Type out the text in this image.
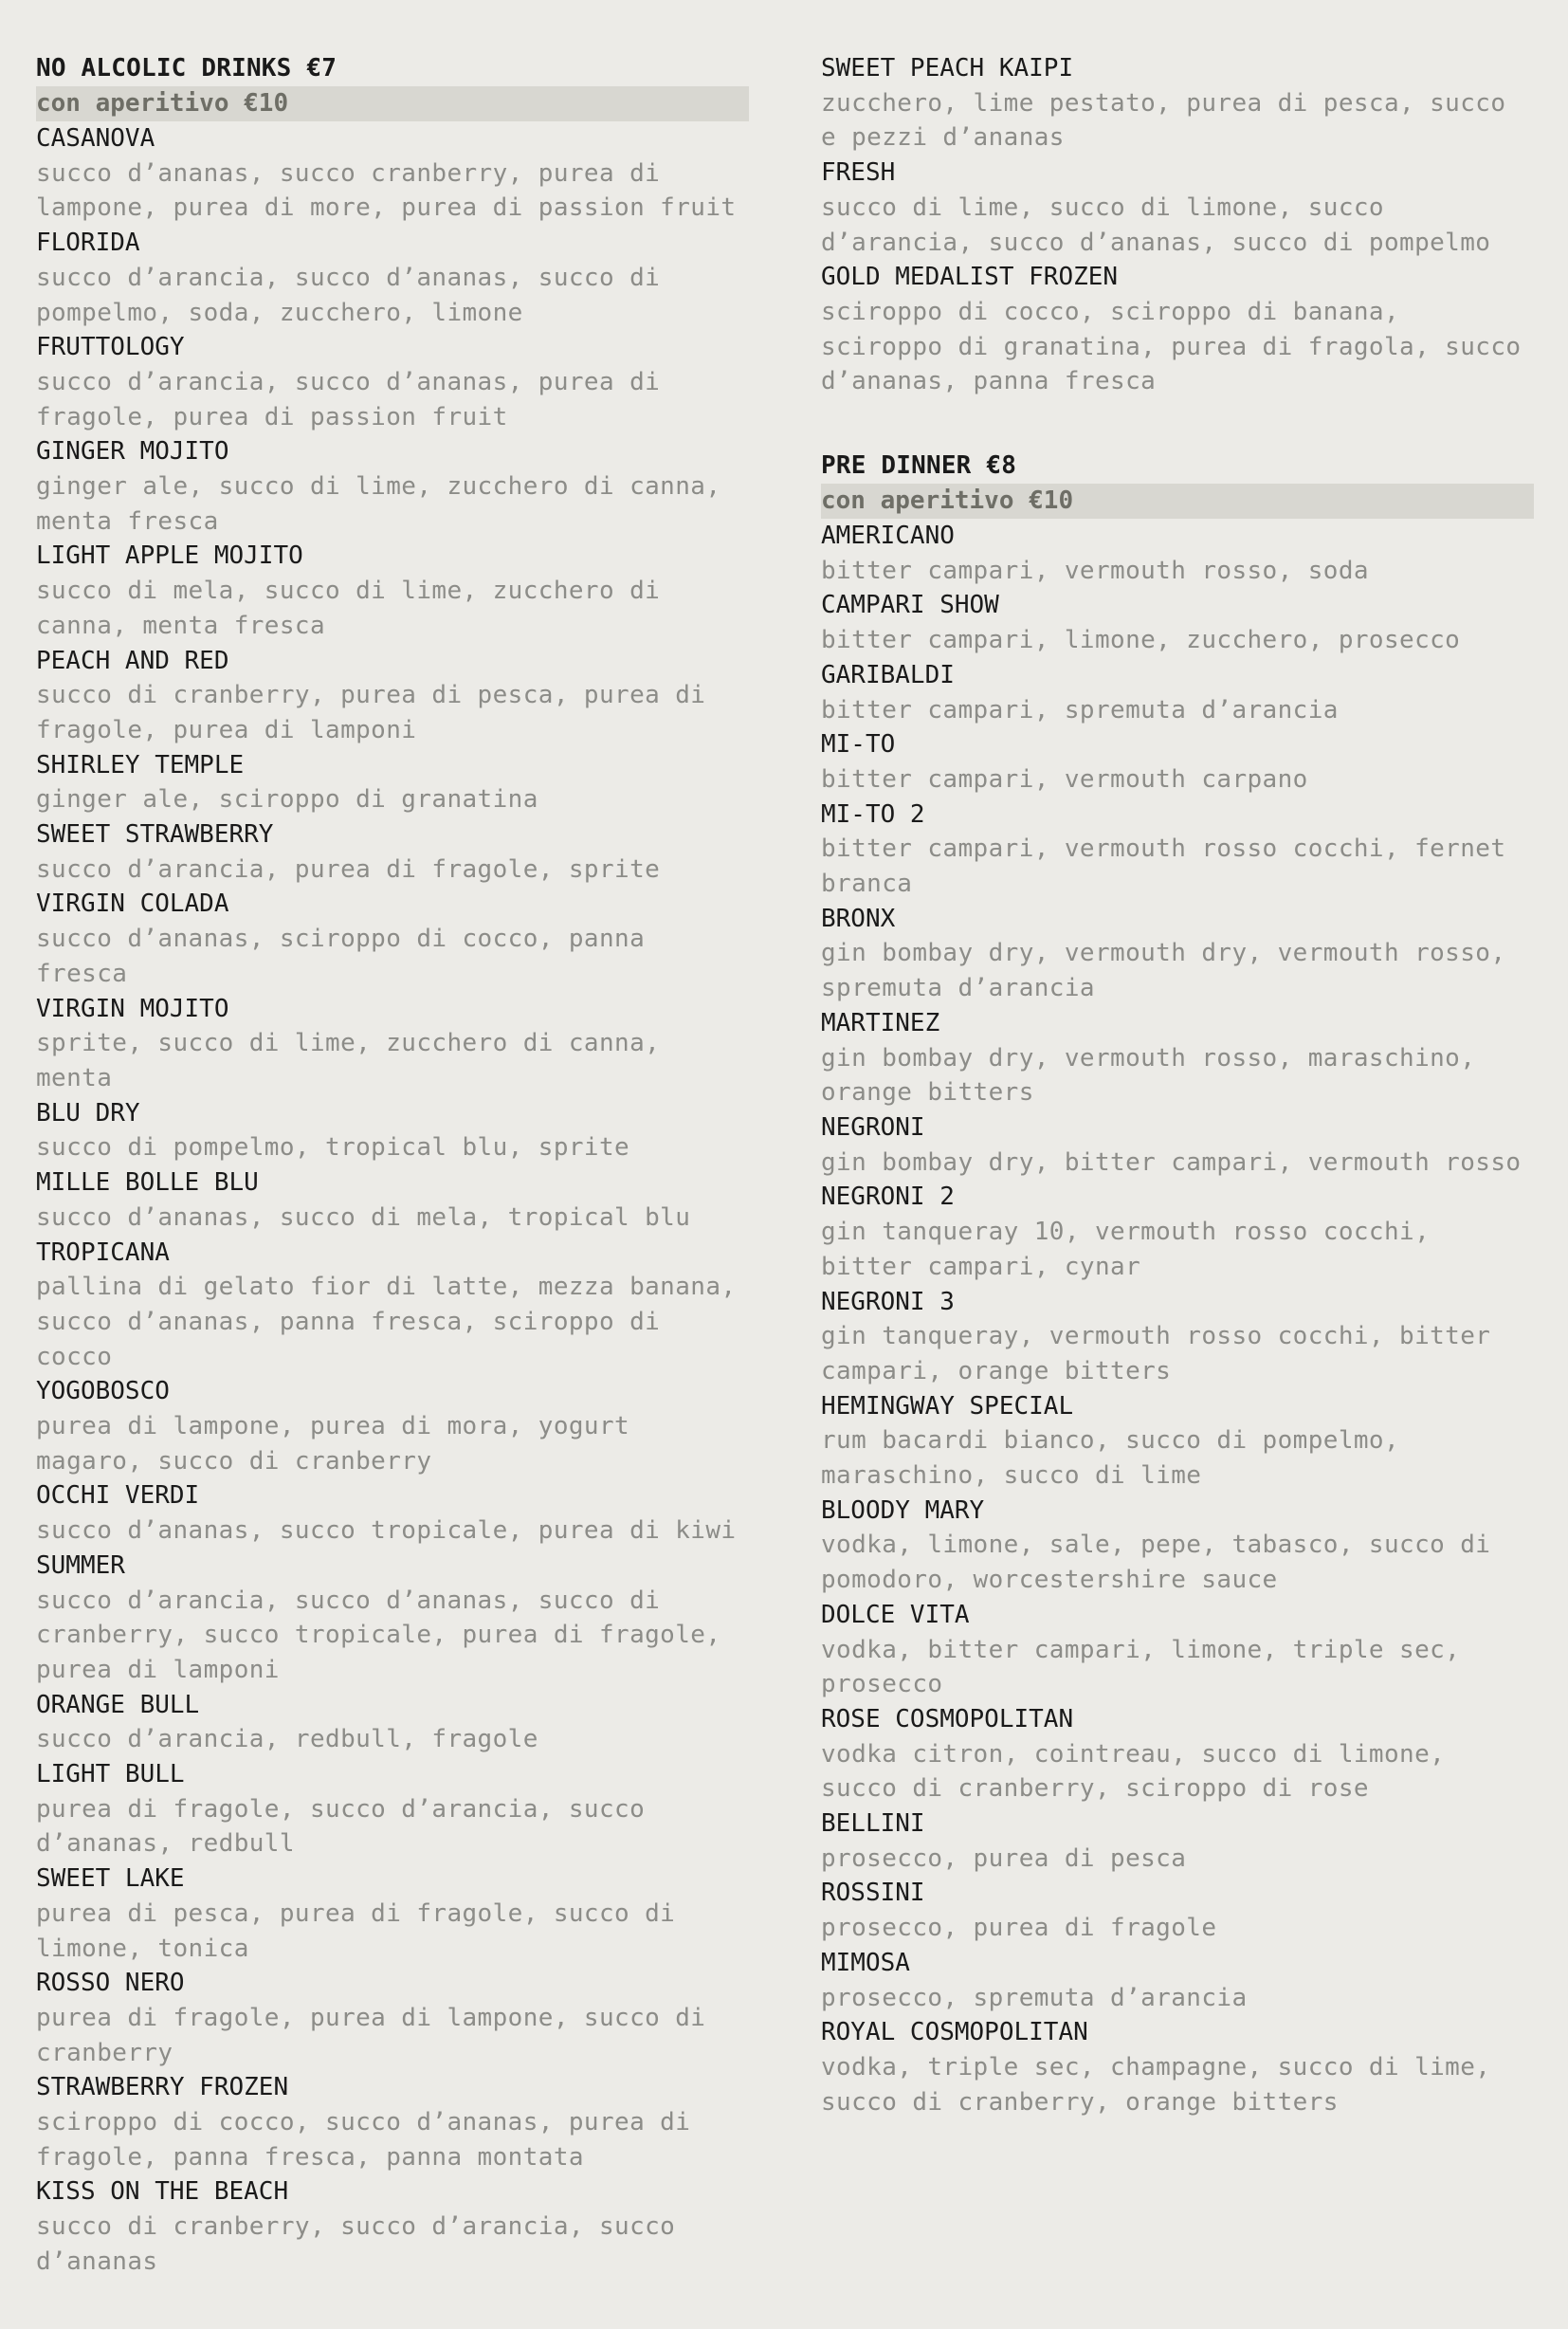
NO ALCOLIC DRINKS €7
con aperitivo €10
CASANOVA
succo d’ananas, succo cranberry, purea di lampone, purea di more, purea di passion fruit
FLORIDA
succo d’arancia, succo d’ananas, succo di pompelmo, soda, zucchero, limone
FRUTTOLOGY
succo d’arancia, succo d’ananas, purea di fragole, purea di passion fruit
GINGER MOJITO
ginger ale, succo di lime, zucchero di canna, menta fresca
LIGHT APPLE MOJITO
succo di mela, succo di lime, zucchero di canna, menta fresca
PEACH AND RED
succo di cranberry, purea di pesca, purea di fragole, purea di lamponi
SHIRLEY TEMPLE
ginger ale, sciroppo di granatina
SWEET STRAWBERRY
succo d’arancia, purea di fragole, sprite
VIRGIN COLADA
succo d’ananas, sciroppo di cocco, panna fresca
VIRGIN MOJITO
sprite, succo di lime, zucchero di canna, menta
BLU DRY
succo di pompelmo, tropical blu, sprite
MILLE BOLLE BLU
succo d’ananas, succo di mela, tropical blu
TROPICANA
pallina di gelato fior di latte, mezza banana, succo d’ananas, panna fresca, sciroppo di cocco
YOGOBOSCO
purea di lampone, purea di mora, yogurt magaro, succo di cranberry
OCCHI VERDI
succo d’ananas, succo tropicale, purea di kiwi
SUMMER
succo d’arancia, succo d’ananas, succo di cranberry, succo tropicale, purea di fragole, purea di lamponi
ORANGE BULL
succo d’arancia, redbull, fragole
LIGHT BULL
purea di fragole, succo d’arancia, succo d’ananas, redbull
SWEET LAKE
purea di pesca, purea di fragole, succo di limone, tonica
ROSSO NERO
purea di fragole, purea di lampone, succo di cranberry
STRAWBERRY FROZEN
sciroppo di cocco, succo d’ananas, purea di fragole, panna fresca, panna montata
KISS ON THE BEACH
succo di cranberry, succo d’arancia, succo d’ananas
SWEET PEACH KAIPI
zucchero, lime pestato, purea di pesca, succo e pezzi d’ananas
FRESH
succo di lime, succo di limone, succo d’arancia, succo d’ananas, succo di pompelmo
GOLD MEDALIST FROZEN
sciroppo di cocco, sciroppo di banana, sciroppo di granatina, purea di fragola, succo d’ananas, panna fresca
PRE DINNER €8
con aperitivo €10
AMERICANO
bitter campari, vermouth rosso, soda
CAMPARI SHOW
bitter campari, limone, zucchero, prosecco
GARIBALDI
bitter campari, spremuta d’arancia
MI-TO
bitter campari, vermouth carpano
MI-TO 2
bitter campari, vermouth rosso cocchi, fernet branca
BRONX
gin bombay dry, vermouth dry, vermouth rosso, spremuta d’arancia
MARTINEZ
gin bombay dry, vermouth rosso, maraschino, orange bitters
NEGRONI
gin bombay dry, bitter campari, vermouth rosso
NEGRONI 2
gin tanqueray 10, vermouth rosso cocchi, bitter campari, cynar
NEGRONI 3
gin tanqueray, vermouth rosso cocchi, bitter campari, orange bitters
HEMINGWAY SPECIAL
rum bacardi bianco, succo di pompelmo, maraschino, succo di lime
BLOODY MARY
vodka, limone, sale, pepe, tabasco, succo di pomodoro, worcestershire sauce
DOLCE VITA
vodka, bitter campari, limone, triple sec, prosecco
ROSE COSMOPOLITAN
vodka citron, cointreau, succo di limone, succo di cranberry, sciroppo di rose
BELLINI
prosecco, purea di pesca
ROSSINI
prosecco, purea di fragole
MIMOSA
prosecco, spremuta d’arancia
ROYAL COSMOPOLITAN
vodka, triple sec, champagne, succo di lime, succo di cranberry, orange bitters
